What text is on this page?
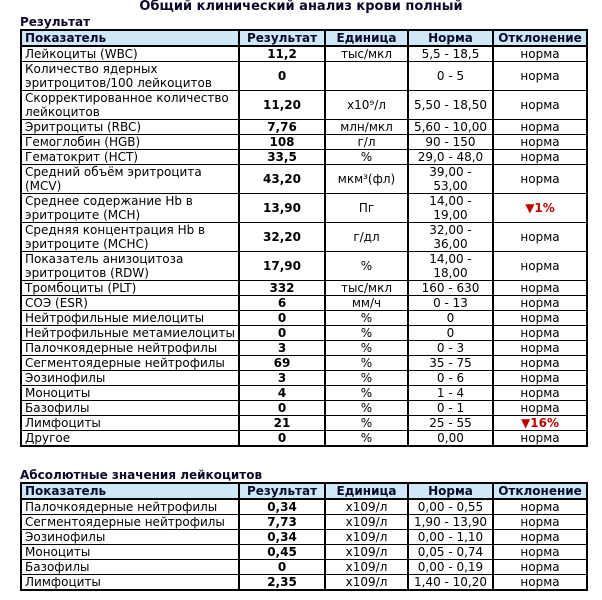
Общий клинический анализ крови полный
Результат
Показатель	Результат	Единица	Норма	Отклонение
Лейкоциты (WBC)	11,2	тыс/мкл	5,5 - 18,5	норма
Количество ядерных эритроцитов/100 лейкоцитов	0		0 - 5	норма
Скорректированное количество лейкоцитов	11,20	х10⁹/л	5,50 - 18,50	норма
Эритроциты (RBC)	7,76	млн/мкл	5,60 - 10,00	норма
Гемоглобин (HGB)	108	г/л	90 - 150	норма
Гематокрит (HCT)	33,5	%	29,0 - 48,0	норма
Средний объём эритроцита (MCV)	43,20	мкм³(фл)	39,00 - 53,00	норма
Среднее содержание Hb в эритроците (MCH)	13,90	Пг	14,00 - 19,00	▼1%
Средняя концентрация Hb в эритроците (MCHC)	32,20	г/дл	32,00 - 36,00	норма
Показатель анизоцитоза эритроцитов (RDW)	17,90	%	14,00 - 18,00	норма
Тромбоциты (PLT)	332	тыс/мкл	160 - 630	норма
СОЭ (ESR)	6	мм/ч	0 - 13	норма
Нейтрофильные миелоциты	0	%	0	норма
Нейтрофильные метамиелоциты	0	%	0	норма
Палочкоядерные нейтрофилы	3	%	0 - 3	норма
Сегментоядерные нейтрофилы	69	%	35 - 75	норма
Эозинофилы	3	%	0 - 6	норма
Моноциты	4	%	1 - 4	норма
Базофилы	0	%	0 - 1	норма
Лимфоциты	21	%	25 - 55	▼16%
Другое	0	%	0,00	норма
Абсолютные значения лейкоцитов
Показатель	Результат	Единица	Норма	Отклонение
Палочкоядерные нейтрофилы	0,34	х109/л	0,00 - 0,55	норма
Сегментоядерные нейтрофилы	7,73	х109/л	1,90 - 13,90	норма
Эозинофилы	0,34	х109/л	0,00 - 1,10	норма
Моноциты	0,45	х109/л	0,05 - 0,74	норма
Базофилы	0	х109/л	0,00 - 0,19	норма
Лимфоциты	2,35	х109/л	1,40 - 10,20	норма
